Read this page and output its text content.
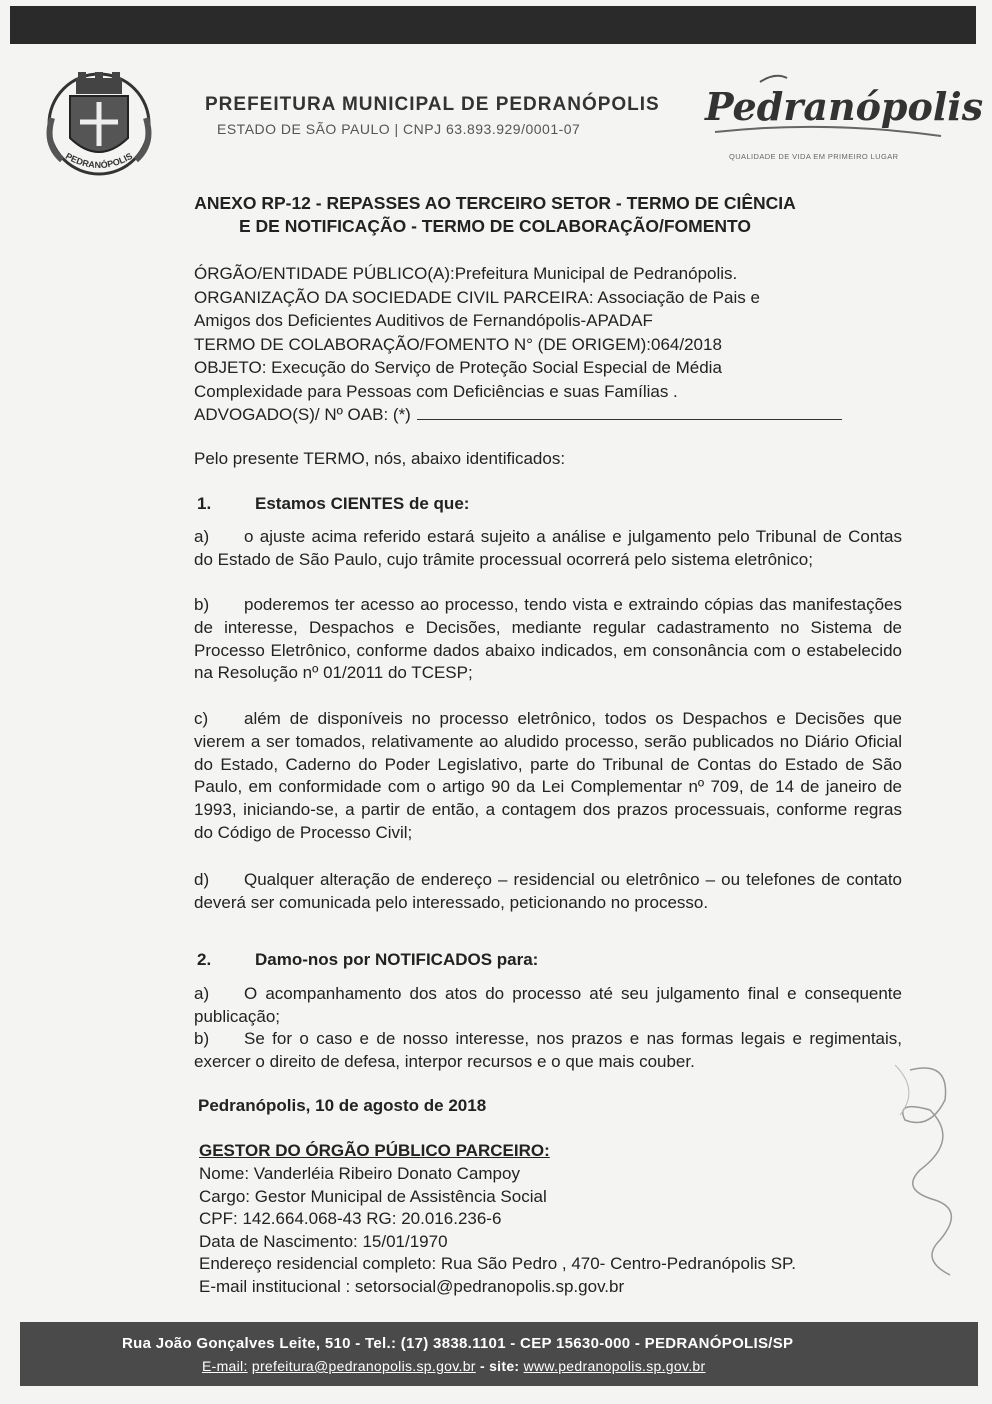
PEDRANÓPOLIS
PREFEITURA MUNICIPAL DE PEDRANÓPOLIS
ESTADO DE SÃO PAULO | CNPJ 63.893.929/0001-07	Pedranópolis
QUALIDADE DE VIDA EM PRIMEIRO LUGAR
ANEXO RP-12 - REPASSES AO TERCEIRO SETOR - TERMO DE CIÊNCIA
E DE NOTIFICAÇÃO - TERMO DE COLABORAÇÃO/FOMENTO
ÓRGÃO/ENTIDADE PÚBLICO(A):Prefeitura Municipal de Pedranópolis.
ORGANIZAÇÃO DA SOCIEDADE CIVIL PARCEIRA: Associação de Pais e
Amigos dos Deficientes Auditivos de Fernandópolis-APADAF
TERMO DE COLABORAÇÃO/FOMENTO N° (DE ORIGEM):064/2018
OBJETO: Execução do Serviço de Proteção Social Especial de Média
Complexidade para Pessoas com Deficiências e suas Famílias .
ADVOGADO(S)/ Nº OAB: (*)
Pelo presente TERMO, nós, abaixo identificados:
1.	Estamos CIENTES de que:
a) o ajuste acima referido estará sujeito a análise e julgamento pelo Tribunal de Contas do Estado de São Paulo, cujo trâmite processual ocorrerá pelo sistema eletrônico;
b) poderemos ter acesso ao processo, tendo vista e extraindo cópias das manifestações de interesse, Despachos e Decisões, mediante regular cadastramento no Sistema de Processo Eletrônico, conforme dados abaixo indicados, em consonância com o estabelecido na Resolução nº 01/2011 do TCESP;
c) além de disponíveis no processo eletrônico, todos os Despachos e Decisões que vierem a ser tomados, relativamente ao aludido processo, serão publicados no Diário Oficial do Estado, Caderno do Poder Legislativo, parte do Tribunal de Contas do Estado de São Paulo, em conformidade com o artigo 90 da Lei Complementar nº 709, de 14 de janeiro de 1993, iniciando-se, a partir de então, a contagem dos prazos processuais, conforme regras do Código de Processo Civil;
d) Qualquer alteração de endereço – residencial ou eletrônico – ou telefones de contato deverá ser comunicada pelo interessado, peticionando no processo.
2.	Damo-nos por NOTIFICADOS para:
a) O acompanhamento dos atos do processo até seu julgamento final e consequente publicação;
b) Se for o caso e de nosso interesse, nos prazos e nas formas legais e regimentais, exercer o direito de defesa, interpor recursos e o que mais couber.
Pedranópolis, 10 de agosto de 2018
GESTOR DO ÓRGÃO PÚBLICO PARCEIRO:
Nome: Vanderléia Ribeiro Donato Campoy
Cargo: Gestor Municipal de Assistência Social
CPF: 142.664.068-43 RG: 20.016.236-6
Data de Nascimento: 15/01/1970
Endereço residencial completo: Rua São Pedro , 470- Centro-Pedranópolis SP.
E-mail institucional : setorsocial@pedranopolis.sp.gov.br
Rua João Gonçalves Leite, 510 - Tel.: (17) 3838.1101 - CEP 15630-000 - PEDRANÓPOLIS/SP
E-mail: prefeitura@pedranopolis.sp.gov.br - site: www.pedranopolis.sp.gov.br
